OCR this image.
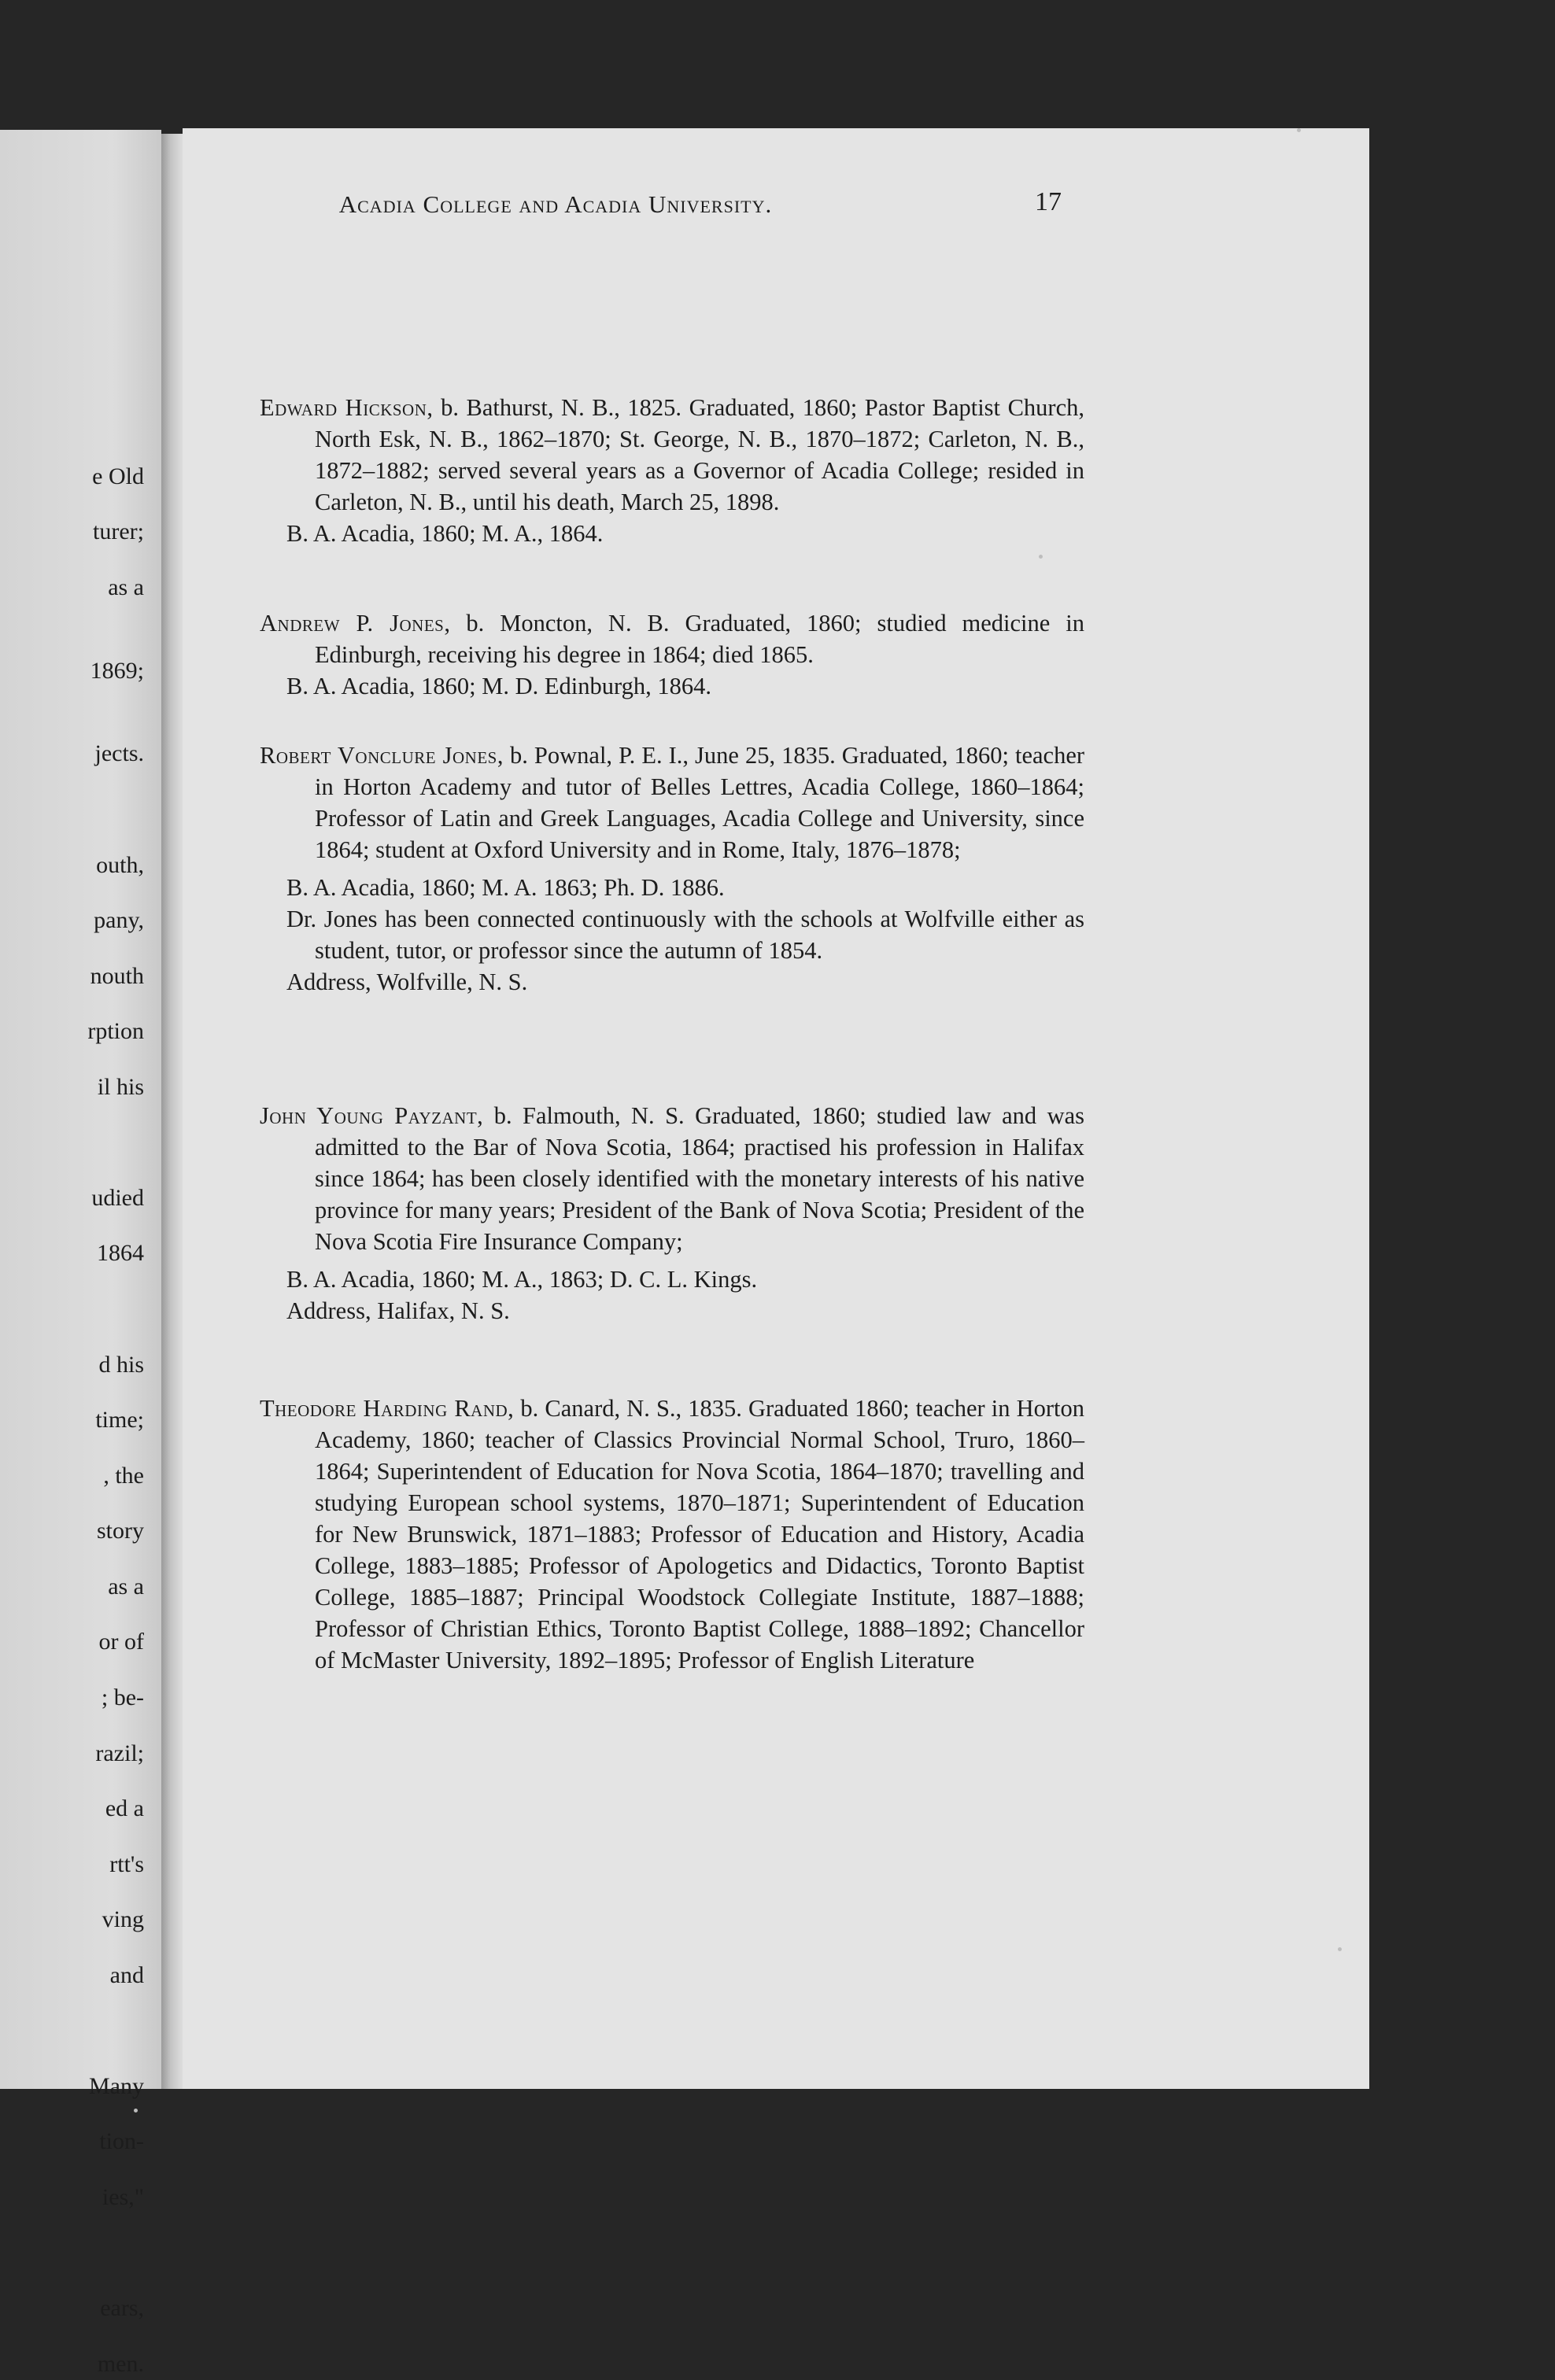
e Old
turer;
as a
1869;
jects.
outh,
pany,
nouth
rption
il his
udied
1864
d his
time;
, the
story
as a
or of
; be-
razil;
ed a
rtt's
ving
and
Many
tion-
ies,"
ears,
men.
Acadia College and Acadia University.	17

Edward Hickson, b. Bathurst, N. B., 1825. Graduated, 1860; Pastor Baptist Church, North Esk, N. B., 1862–1870; St. George, N. B., 1870–1872; Carleton, N. B., 1872–1882; served several years as a Governor of Acadia College; resided in Carleton, N. B., until his death, March 25, 1898.

B. A. Acadia, 1860; M. A., 1864.

Andrew P. Jones, b. Moncton, N. B. Graduated, 1860; studied medicine in Edinburgh, receiving his degree in 1864; died 1865.

B. A. Acadia, 1860; M. D. Edinburgh, 1864.

Robert Vonclure Jones, b. Pownal, P. E. I., June 25, 1835. Graduated, 1860; teacher in Horton Academy and tutor of Belles Lettres, Acadia College, 1860–1864; Professor of Latin and Greek Languages, Acadia College and University, since 1864; student at Oxford University and in Rome, Italy, 1876–1878;

B. A. Acadia, 1860; M. A. 1863; Ph. D. 1886.

Dr. Jones has been connected continuously with the schools at Wolfville either as student, tutor, or professor since the autumn of 1854.

Address, Wolfville, N. S.

John Young Payzant, b. Falmouth, N. S. Graduated, 1860; studied law and was admitted to the Bar of Nova Scotia, 1864; practised his profession in Halifax since 1864; has been closely identified with the monetary interests of his native province for many years; President of the Bank of Nova Scotia; President of the Nova Scotia Fire Insurance Company;

B. A. Acadia, 1860; M. A., 1863; D. C. L. Kings.

Address, Halifax, N. S.

Theodore Harding Rand, b. Canard, N. S., 1835. Graduated 1860; teacher in Horton Academy, 1860; teacher of Classics Provincial Normal School, Truro, 1860–1864; Superintendent of Education for Nova Scotia, 1864–1870; travelling and studying European school systems, 1870–1871; Superintendent of Education for New Brunswick, 1871–1883; Professor of Education and History, Acadia College, 1883–1885; Professor of Apologetics and Didactics, Toronto Baptist College, 1885–1887; Principal Woodstock Collegiate Institute, 1887–1888; Professor of Christian Ethics, Toronto Baptist College, 1888–1892; Chancellor of McMaster University, 1892–1895; Professor of English Literature
